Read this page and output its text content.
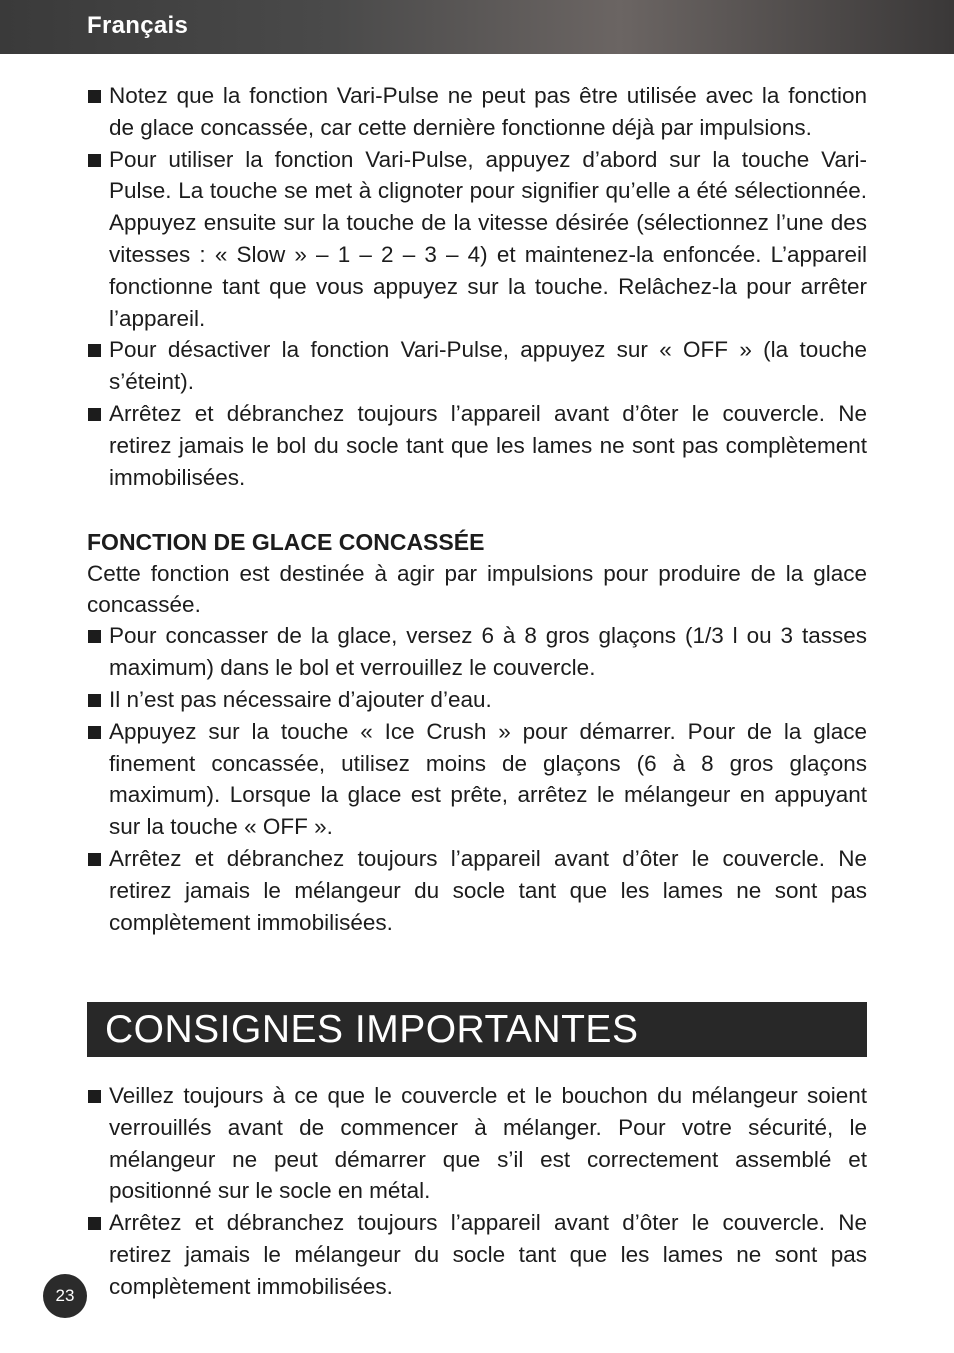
Français
Notez que la fonction Vari-Pulse ne peut pas être utilisée avec la fonction de glace concassée, car cette dernière fonctionne déjà par impulsions.
Pour utiliser la fonction Vari-Pulse, appuyez d’abord sur la touche Vari-Pulse. La touche se met à clignoter pour signifier qu’elle a été sélectionnée. Appuyez ensuite sur la touche de la vitesse désirée (sélectionnez l’une des vitesses : « Slow » – 1 – 2 – 3 – 4) et maintenez-la enfoncée. L’appareil fonctionne tant que vous appuyez sur la touche. Relâchez-la pour arrêter l’appareil.
Pour désactiver la fonction Vari-Pulse, appuyez sur « OFF » (la touche s’éteint).
Arrêtez et débranchez toujours l’appareil avant d’ôter le couvercle. Ne retirez jamais le bol du socle tant que les lames ne sont pas complètement immobilisées.
FONCTION DE GLACE CONCASSÉE

Cette fonction est destinée à agir par impulsions pour produire de la glace concassée.

Pour concasser de la glace, versez 6 à 8 gros glaçons (1/3 l ou 3 tasses maximum) dans le bol et verrouillez le couvercle.
Il n’est pas nécessaire d’ajouter d’eau.
Appuyez sur la touche « Ice Crush » pour démarrer. Pour de la glace finement concassée, utilisez moins de glaçons (6 à 8 gros glaçons maximum). Lorsque la glace est prête, arrêtez le mélangeur en appuyant sur la touche « OFF ».
Arrêtez et débranchez toujours l’appareil avant d’ôter le couvercle. Ne retirez jamais le mélangeur du socle tant que les lames ne sont pas complètement immobilisées.
CONSIGNES IMPORTANTES
Veillez toujours à ce que le couvercle et le bouchon du mélangeur soient verrouillés avant de commencer à mélanger. Pour votre sécurité, le mélangeur ne peut démarrer que s’il est correctement assemblé et positionné sur le socle en métal.
Arrêtez et débranchez toujours l’appareil avant d’ôter le couvercle. Ne retirez jamais le mélangeur du socle tant que les lames ne sont pas complètement immobilisées.
23
